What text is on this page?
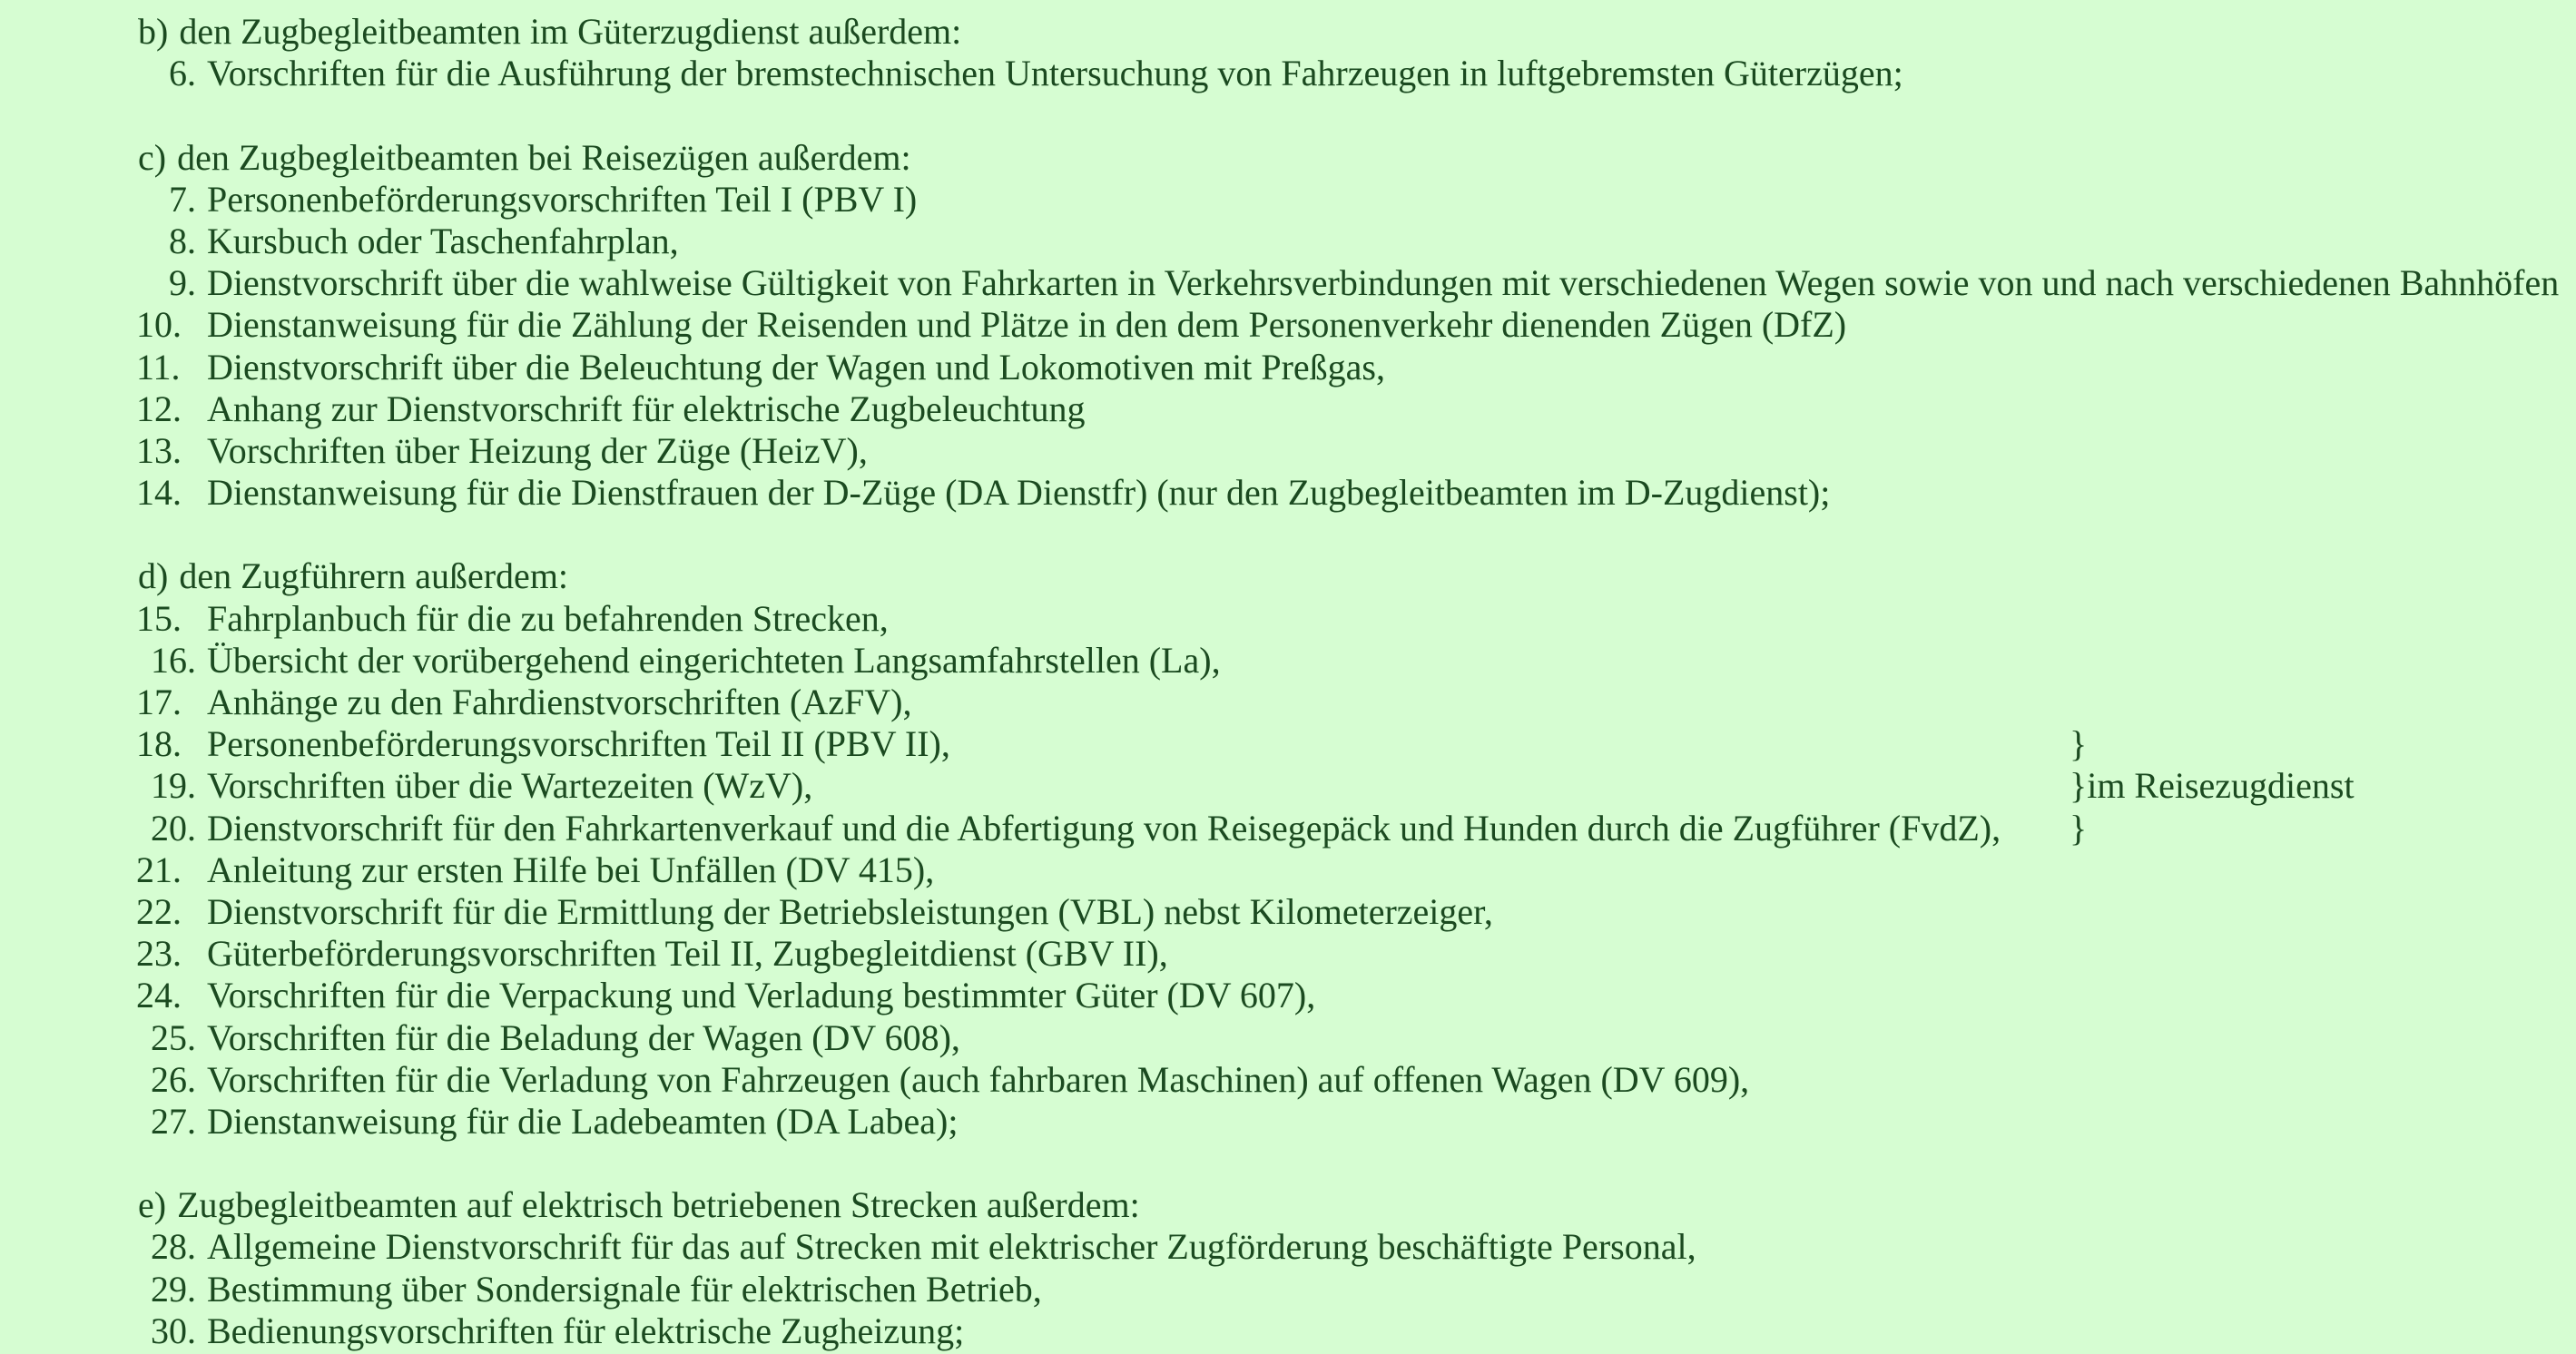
b) den Zugbegleitbeamten im Güterzugdienst außerdem:
6. Vorschriften für die Ausführung der bremstechnischen Untersuchung von Fahrzeugen in luftgebremsten Güterzügen;
c) den Zugbegleitbeamten bei Reisezügen außerdem:
7. Personenbeförderungsvorschriften Teil I (PBV I)
8. Kursbuch oder Taschenfahrplan,
9. Dienstvorschrift über die wahlweise Gültigkeit von Fahrkarten in Verkehrsverbindungen mit verschiedenen Wegen sowie von und nach verschiedenen Bahnhöfen
10. Dienstanweisung für die Zählung der Reisenden und Plätze in den dem Personenverkehr dienenden Zügen (DfZ)
11. Dienstvorschrift über die Beleuchtung der Wagen und Lokomotiven mit Preßgas,
12. Anhang zur Dienstvorschrift für elektrische Zugbeleuchtung
13. Vorschriften über Heizung der Züge (HeizV),
14. Dienstanweisung für die Dienstfrauen der D-Züge (DA Dienstfr) (nur den Zugbegleitbeamten im D-Zugdienst);
d) den Zugführern außerdem:
15. Fahrplanbuch für die zu befahrenden Strecken,
16. Übersicht der vorübergehend eingerichteten Langsamfahrstellen (La),
17. Anhänge zu den Fahrdienstvorschriften (AzFV),
18. Personenbeförderungsvorschriften Teil II (PBV II),	}
19. Vorschriften über die Wartezeiten (WzV),	}im Reisezugdienst
20. Dienstvorschrift für den Fahrkartenverkauf und die Abfertigung von Reisegepäck und Hunden durch die Zugführer (FvdZ), }
21. Anleitung zur ersten Hilfe bei Unfällen (DV 415),
22. Dienstvorschrift für die Ermittlung der Betriebsleistungen (VBL) nebst Kilometerzeiger,
23. Güterbeförderungsvorschriften Teil II, Zugbegleitdienst (GBV II),
24. Vorschriften für die Verpackung und Verladung bestimmter Güter (DV 607),
25. Vorschriften für die Beladung der Wagen (DV 608),
26. Vorschriften für die Verladung von Fahrzeugen (auch fahrbaren Maschinen) auf offenen Wagen (DV 609),
27. Dienstanweisung für die Ladebeamten (DA Labea);
e) Zugbegleitbeamten auf elektrisch betriebenen Strecken außerdem:
28. Allgemeine Dienstvorschrift für das auf Strecken mit elektrischer Zugförderung beschäftigte Personal,
29. Bestimmung über Sondersignale für elektrischen Betrieb,
30. Bedienungsvorschriften für elektrische Zugheizung;
